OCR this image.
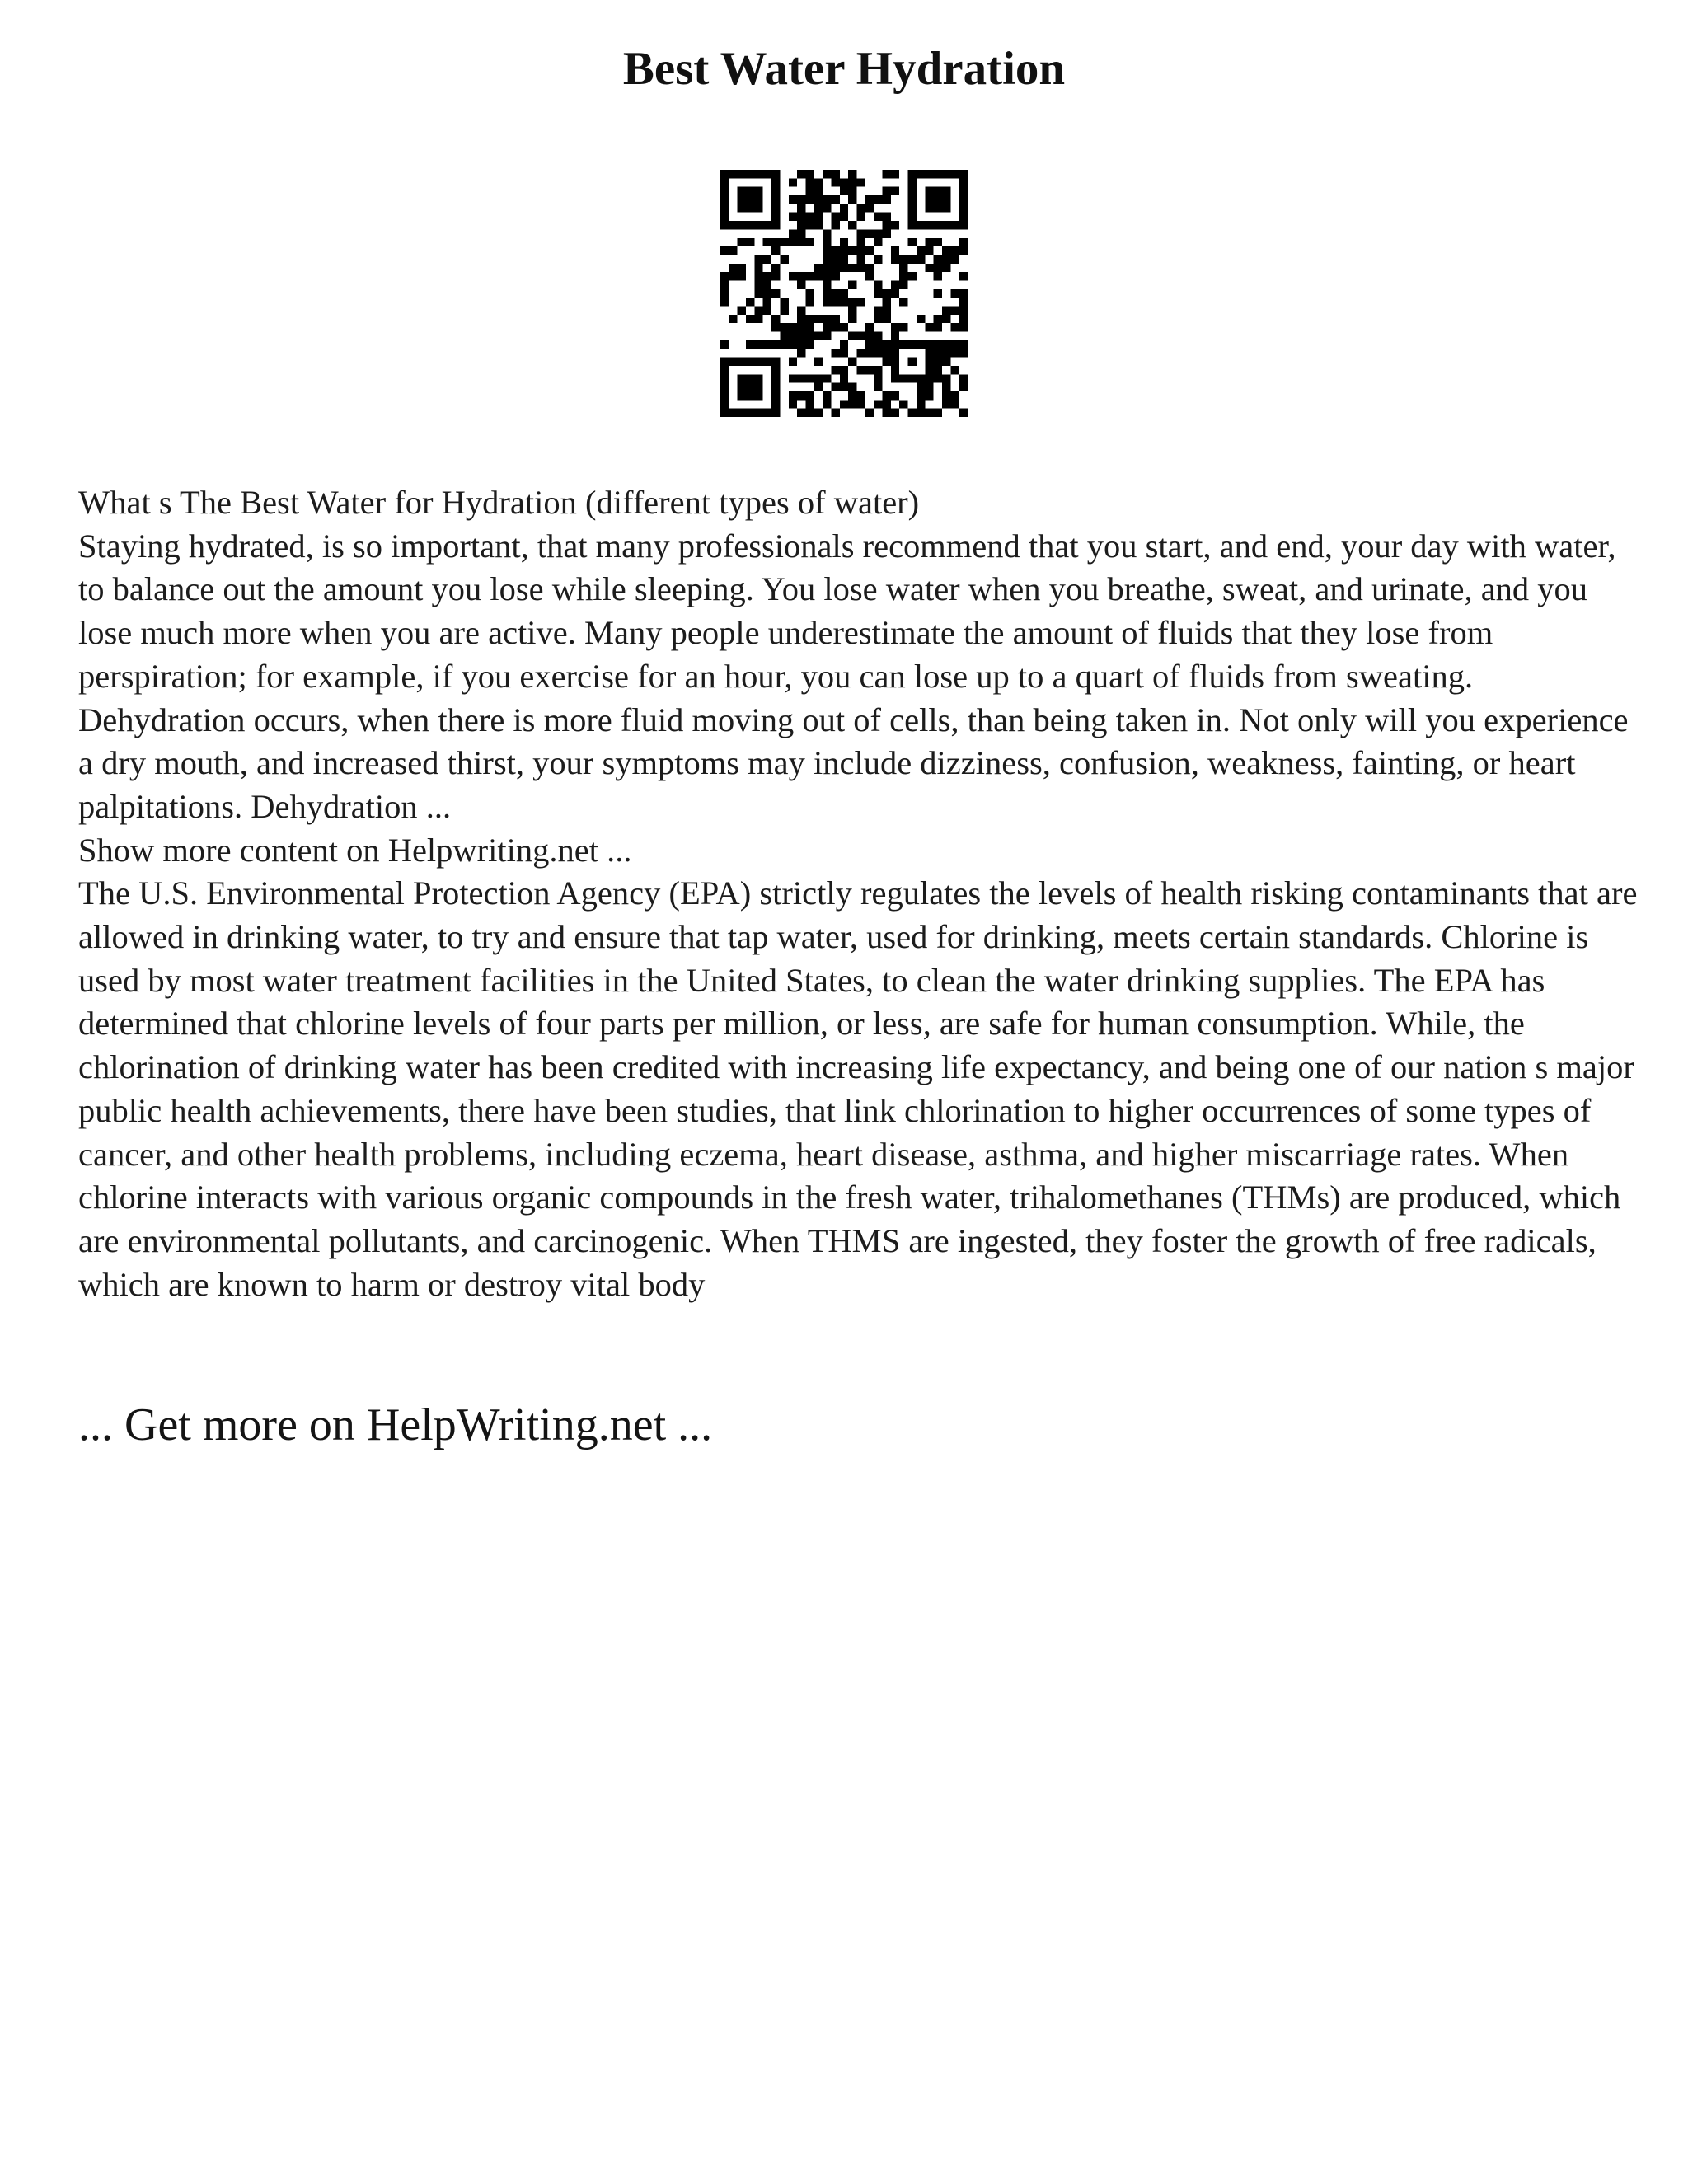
Best Water Hydration

What s The Best Water for Hydration (different types of water)

Staying hydrated, is so important, that many professionals recommend that you start, and end, your day with water, to balance out the amount you lose while sleeping. You lose water when you breathe, sweat, and urinate, and you lose much more when you are active. Many people underestimate the amount of fluids that they lose from perspiration; for example, if you exercise for an hour, you can lose up to a quart of fluids from sweating. Dehydration occurs, when there is more fluid moving out of cells, than being taken in. Not only will you experience a dry mouth, and increased thirst, your symptoms may include dizziness, confusion, weakness, fainting, or heart palpitations. Dehydration ...

Show more content on Helpwriting.net ...

The U.S. Environmental Protection Agency (EPA) strictly regulates the levels of health risking contaminants that are allowed in drinking water, to try and ensure that tap water, used for drinking, meets certain standards. Chlorine is used by most water treatment facilities in the United States, to clean the water drinking supplies. The EPA has determined that chlorine levels of four parts per million, or less, are safe for human consumption. While, the chlorination of drinking water has been credited with increasing life expectancy, and being one of our nation s major public health achievements, there have been studies, that link chlorination to higher occurrences of some types of cancer, and other health problems, including eczema, heart disease, asthma, and higher miscarriage rates. When chlorine interacts with various organic compounds in the fresh water, trihalomethanes (THMs) are produced, which are environmental pollutants, and carcinogenic. When THMS are ingested, they foster the growth of free radicals, which are known to harm or destroy vital body

... Get more on HelpWriting.net ...
